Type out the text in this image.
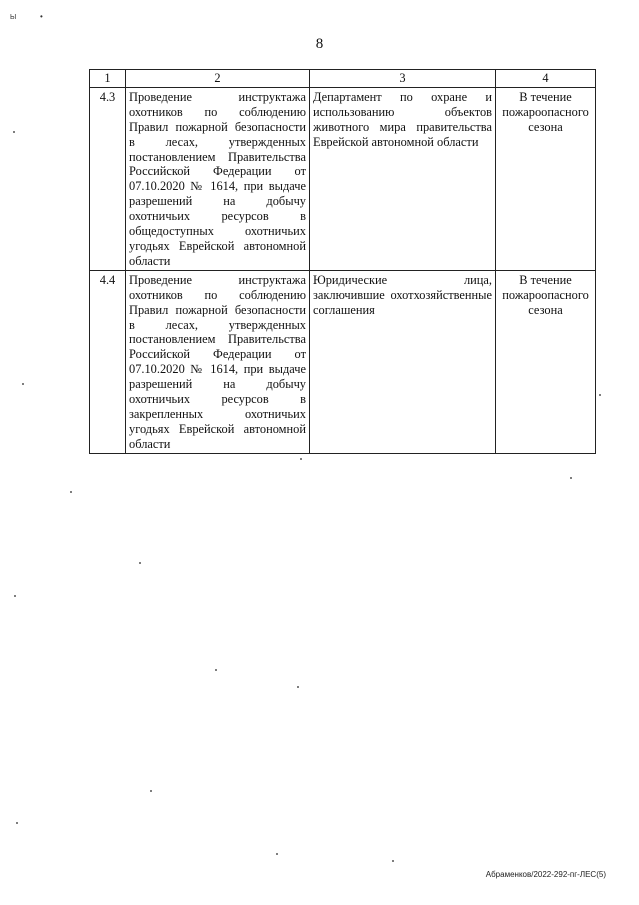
Ы	•
8
1	2	3	4
4.3	Проведение инструктажа охотников по соблюдению Правил пожарной безопасности в лесах, утвержденных постановлением Правительства Российской Федерации от 07.10.2020 № 1614, при выдаче разрешений на добычу охотничьих ресурсов в общедоступных охотничьих угодьях Еврейской автономной области	Департамент по охране и использованию объектов животного мира правительства Еврейской автономной области	В течение пожароопасного сезона
4.4	Проведение инструктажа охотников по соблюдению Правил пожарной безопасности в лесах, утвержденных постановлением Правительства Российской Федерации от 07.10.2020 № 1614, при выдаче разрешений на добычу охотничьих ресурсов в закрепленных охотничьих угодьях Еврейской автономной области	Юридические лица, заключившие охотхозяйственные соглашения	В течение пожароопасного сезона
Абраменков/2022-292-пг-ЛЕС(5)
